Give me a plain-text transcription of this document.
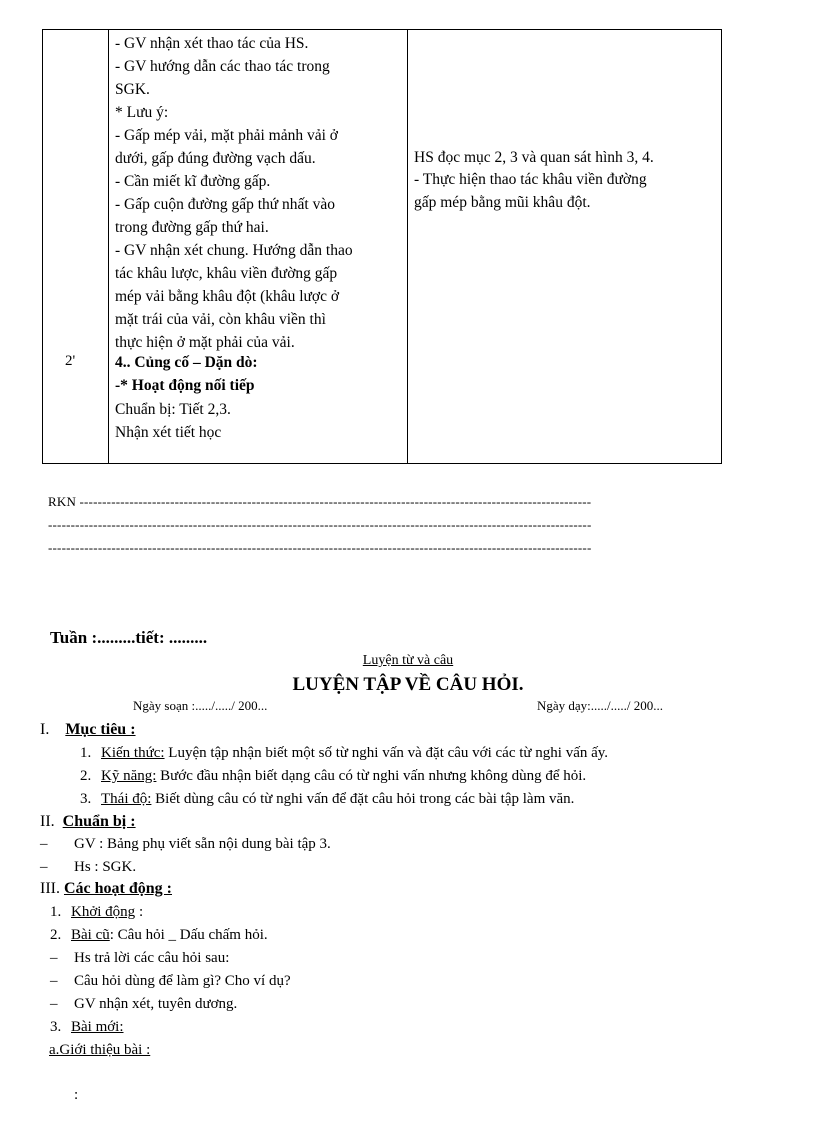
2'
- GV nhận xét thao tác của HS.
- GV hướng dẫn các thao tác trong
SGK.
* Lưu ý:
- Gấp mép vải, mặt phải mảnh vải ở
dưới, gấp đúng đường vạch dấu.
- Cần miết kĩ đường gấp.
- Gấp cuộn đường gấp thứ nhất vào
trong đường gấp thứ hai.
- GV nhận xét chung. Hướng dẫn thao
tác khâu lược, khâu viền đường gấp
mép vải bằng khâu đột (khâu lược ở
mặt trái của vải, còn khâu viền thì
thực hiện ở mặt phải của vải.
4.. Củng cố – Dặn dò:
-* Hoạt động nối tiếp
Chuẩn bị: Tiết 2,3.
Nhận xét tiết học
HS đọc mục 2, 3 và quan sát hình 3, 4.
- Thực hiện thao tác khâu viền đường
gấp mép bằng mũi khâu đột.
RKN -----------------------------------------------------------------------------------------------------------------
------------------------------------------------------------------------------------------------------------------------
------------------------------------------------------------------------------------------------------------------------
Tuần :.........tiết: .........
Luyện từ và câu
LUYỆN TẬP VỀ CÂU HỎI.
Ngày soạn :...../...../ 200...	Ngày dạy:...../...../ 200...
I. Mục tiêu :
1. Kiến thức: Luyện tập nhận biết một số từ nghi vấn và đặt câu với các từ nghi vấn ấy.
2. Kỹ năng: Bước đầu nhận biết dạng câu có từ nghi vấn nhưng không dùng để hỏi.
3. Thái độ: Biết dùng câu có từ nghi vấn để đặt câu hỏi trong các bài tập làm văn.
II. Chuẩn bị :
– GV : Bảng phụ viết sẵn nội dung bài tập 3.
– Hs : SGK.
III. Các hoạt động :
1. Khởi động :
2. Bài cũ: Câu hỏi _ Dấu chấm hỏi.
– Hs trả lời các câu hỏi sau:
– Câu hỏi dùng để làm gì? Cho ví dụ?
– GV nhận xét, tuyên dương.
3. Bài mới:
a.Giới thiệu bài :
:
